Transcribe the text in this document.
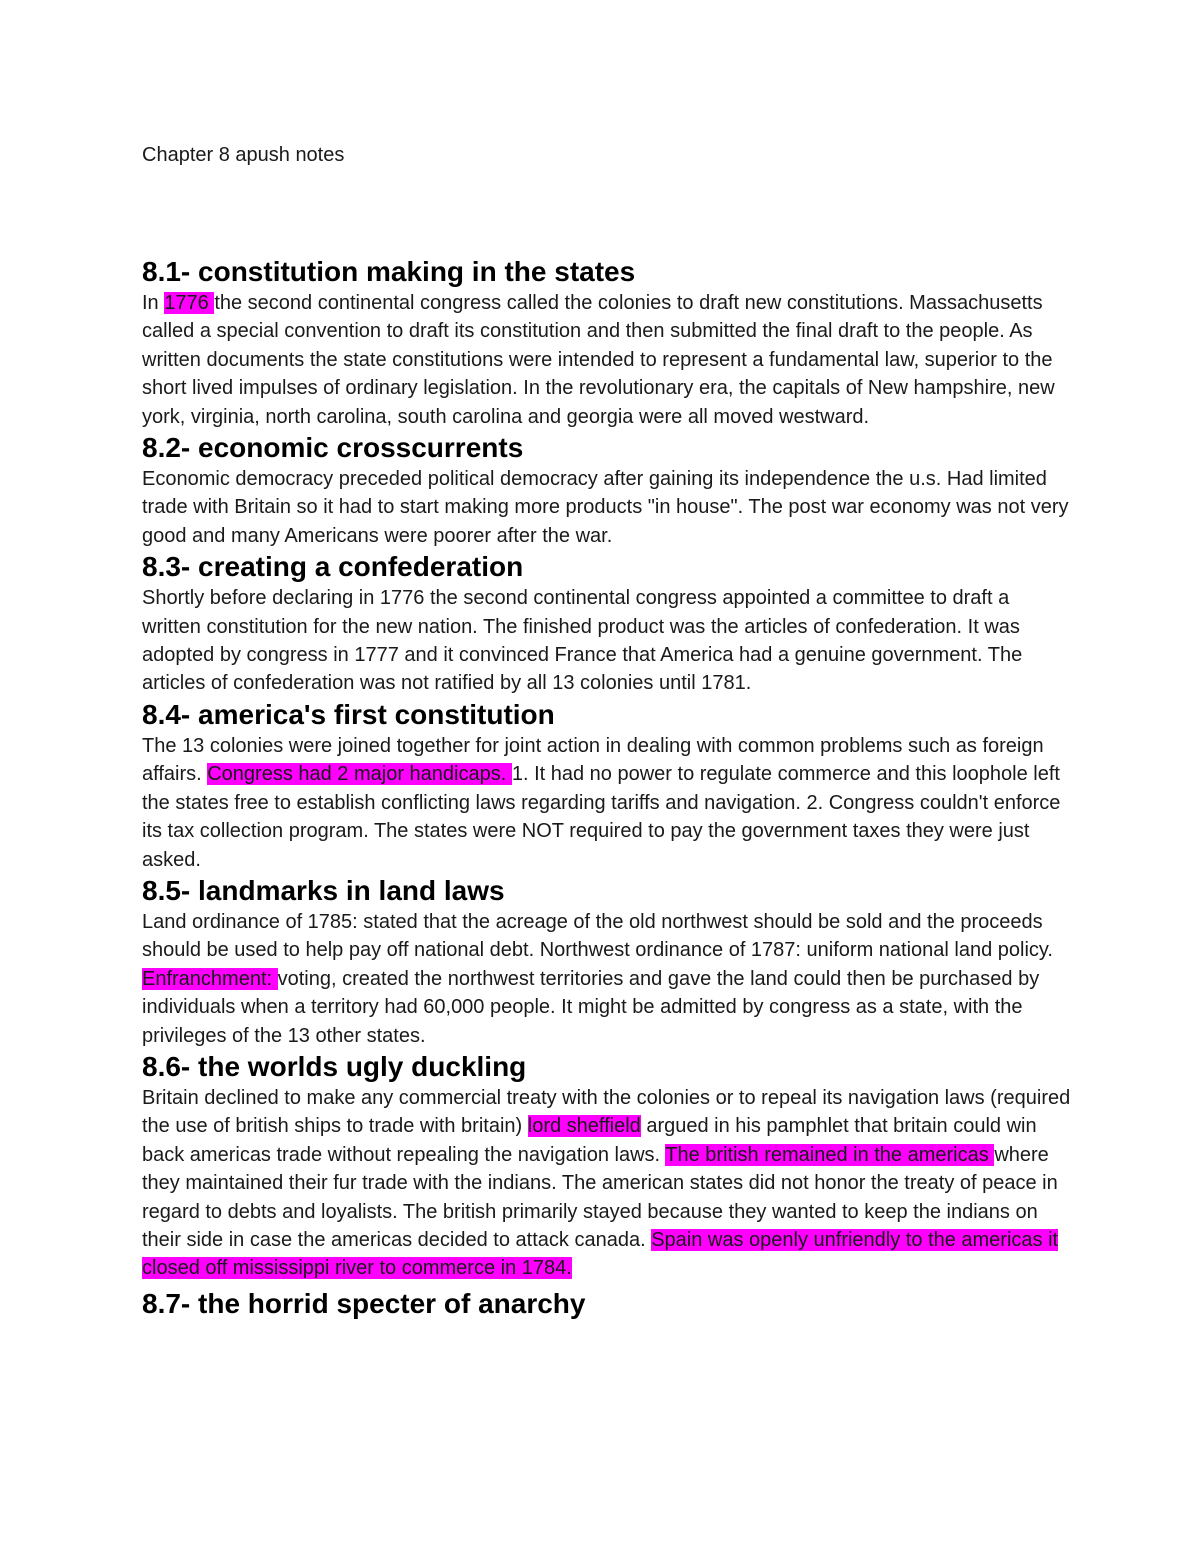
Chapter 8 apush notes
8.1- constitution making in the states

In 1776 the second continental congress called the colonies to draft new constitutions. Massachusetts called a special convention to draft its constitution and then submitted the final draft to the people. As written documents the state constitutions were intended to represent a fundamental law, superior to the short lived impulses of ordinary legislation. In the revolutionary era, the capitals of New hampshire, new york, virginia, north carolina, south carolina and georgia were all moved westward.

8.2- economic crosscurrents

Economic democracy preceded political democracy after gaining its independence the u.s. Had limited trade with Britain so it had to start making more products "in house". The post war economy was not very good and many Americans were poorer after the war.

8.3- creating a confederation

Shortly before declaring in 1776 the second continental congress appointed a committee to draft a written constitution for the new nation. The finished product was the articles of confederation. It was adopted by congress in 1777 and it convinced France that America had a genuine government. The articles of confederation was not ratified by all 13 colonies until 1781.

8.4- america's first constitution

The 13 colonies were joined together for joint action in dealing with common problems such as foreign affairs. Congress had 2 major handicaps. 1. It had no power to regulate commerce and this loophole left the states free to establish conflicting laws regarding tariffs and navigation. 2. Congress couldn't enforce its tax collection program. The states were NOT required to pay the government taxes they were just asked.

8.5- landmarks in land laws

Land ordinance of 1785: stated that the acreage of the old northwest should be sold and the proceeds should be used to help pay off national debt. Northwest ordinance of 1787: uniform national land policy. Enfranchment: voting, created the northwest territories and gave the land could then be purchased by individuals when a territory had 60,000 people. It might be admitted by congress as a state, with the privileges of the 13 other states.

8.6- the worlds ugly duckling

Britain declined to make any commercial treaty with the colonies or to repeal its navigation laws (required the use of british ships to trade with britain) lord sheffield argued in his pamphlet that britain could win back americas trade without repealing the navigation laws. The british remained in the americas where they maintained their fur trade with the indians. The american states did not honor the treaty of peace in regard to debts and loyalists. The british primarily stayed because they wanted to keep the indians on their side in case the americas decided to attack canada. Spain was openly unfriendly to the americas it closed off mississippi river to commerce in 1784.

8.7- the horrid specter of anarchy
